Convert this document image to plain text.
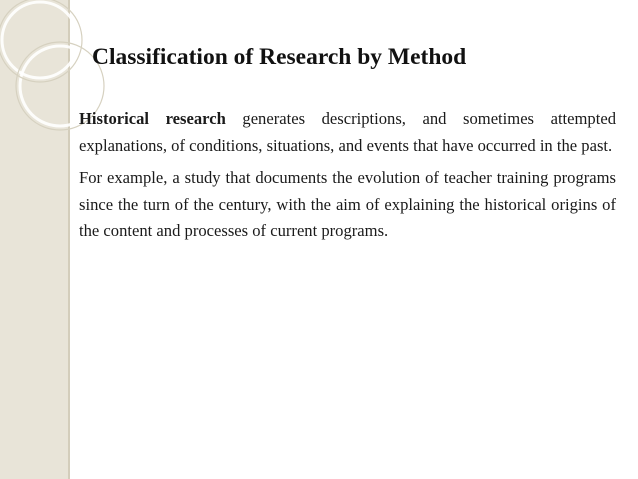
Classification of Research by Method

Historical research generates descriptions, and sometimes attempted explanations, of conditions, situations, and events that have occurred in the past.

For example, a study that documents the evolution of teacher training programs since the turn of the century, with the aim of explaining the historical origins of the content and processes of current programs.
